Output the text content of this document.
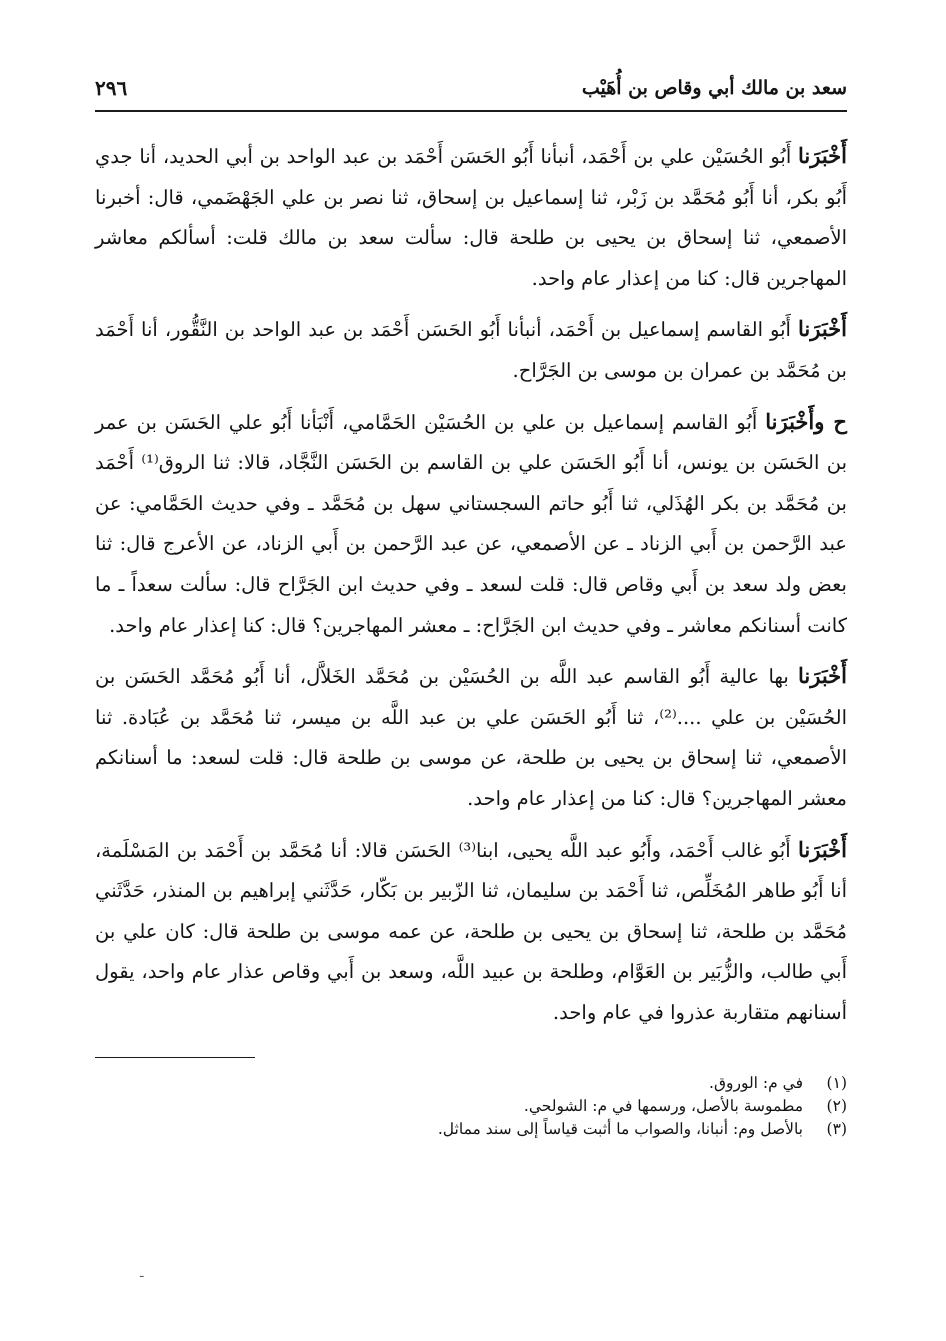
سعد بن مالك أبي وقاص بن أُهَيْب
٢٩٦

أَخْبَرَنا أَبُو الحُسَيْن علي بن أَحْمَد، أنبأنا أَبُو الحَسَن أَحْمَد بن عبد الواحد بن أبي الحديد، أنا جدي أَبُو بكر، أنا أَبُو مُحَمَّد بن زَبْر، ثنا إسماعيل بن إسحاق، ثنا نصر بن علي الجَهْضَمي، قال: أخبرنا الأصمعي، ثنا إسحاق بن يحيى بن طلحة قال: سألت سعد بن مالك قلت: أسألكم معاشر المهاجرين قال: كنا من إعذار عام واحد.

أَخْبَرَنا أَبُو القاسم إسماعيل بن أَحْمَد، أنبأنا أَبُو الحَسَن أَحْمَد بن عبد الواحد بن النَّقُّور، أنا أَحْمَد بن مُحَمَّد بن عمران بن موسى بن الجَرَّاح.

ح وأَخْبَرَنا أَبُو القاسم إسماعيل بن علي بن الحُسَيْن الحَمَّامي، أَنْبَأنا أَبُو علي الحَسَن بن عمر بن الحَسَن بن يونس، أنا أَبُو الحَسَن علي بن القاسم بن الحَسَن النَّجَّاد، قالا: ثنا الروق⁽¹⁾ أَحْمَد بن مُحَمَّد بن بكر الهُذَلي، ثنا أَبُو حاتم السجستاني سهل بن مُحَمَّد ـ وفي حديث الحَمَّامي: عن عبد الرَّحمن بن أَبي الزناد ـ عن الأصمعي، عن عبد الرَّحمن بن أَبي الزناد، عن الأعرج قال: ثنا بعض ولد سعد بن أَبي وقاص قال: قلت لسعد ـ وفي حديث ابن الجَرَّاح قال: سألت سعداً ـ ما كانت أسنانكم معاشر ـ وفي حديث ابن الجَرَّاح: ـ معشر المهاجرين؟ قال: كنا إعذار عام واحد.

أَخْبَرَنا بها عالية أَبُو القاسم عبد اللَّه بن الحُسَيْن بن مُحَمَّد الخَلاَّل، أنا أَبُو مُحَمَّد الحَسَن بن الحُسَيْن بن علي ....⁽²⁾، ثنا أَبُو الحَسَن علي بن عبد اللَّه بن ميسر، ثنا مُحَمَّد بن عُبَادة. ثنا الأصمعي، ثنا إسحاق بن يحيى بن طلحة، عن موسى بن طلحة قال: قلت لسعد: ما أسنانكم معشر المهاجرين؟ قال: كنا من إعذار عام واحد.

أَخْبَرَنا أَبُو غالب أَحْمَد، وأَبُو عبد اللَّه يحيى، ابنا⁽³⁾ الحَسَن قالا: أنا مُحَمَّد بن أَحْمَد بن المَسْلَمة، أنا أَبُو طاهر المُخَلِّص، ثنا أَحْمَد بن سليمان، ثنا الزّبير بن بَكّار، حَدَّثَني إبراهيم بن المنذر، حَدَّثَني مُحَمَّد بن طلحة، ثنا إسحاق بن يحيى بن طلحة، عن عمه موسى بن طلحة قال: كان علي بن أَبي طالب، والزُّبَير بن العَوَّام، وطلحة بن عبيد اللَّه، وسعد بن أَبي وقاص عذار عام واحد، يقول أسنانهم متقاربة عذروا في عام واحد.

(١)
في م: الوروق.
(٢)
مطموسة بالأصل، ورسمها في م: الشولحي.
(٣)
بالأصل وم: أنبانا، والصواب ما أثبت قياساً إلى سند مماثل.
ـ
